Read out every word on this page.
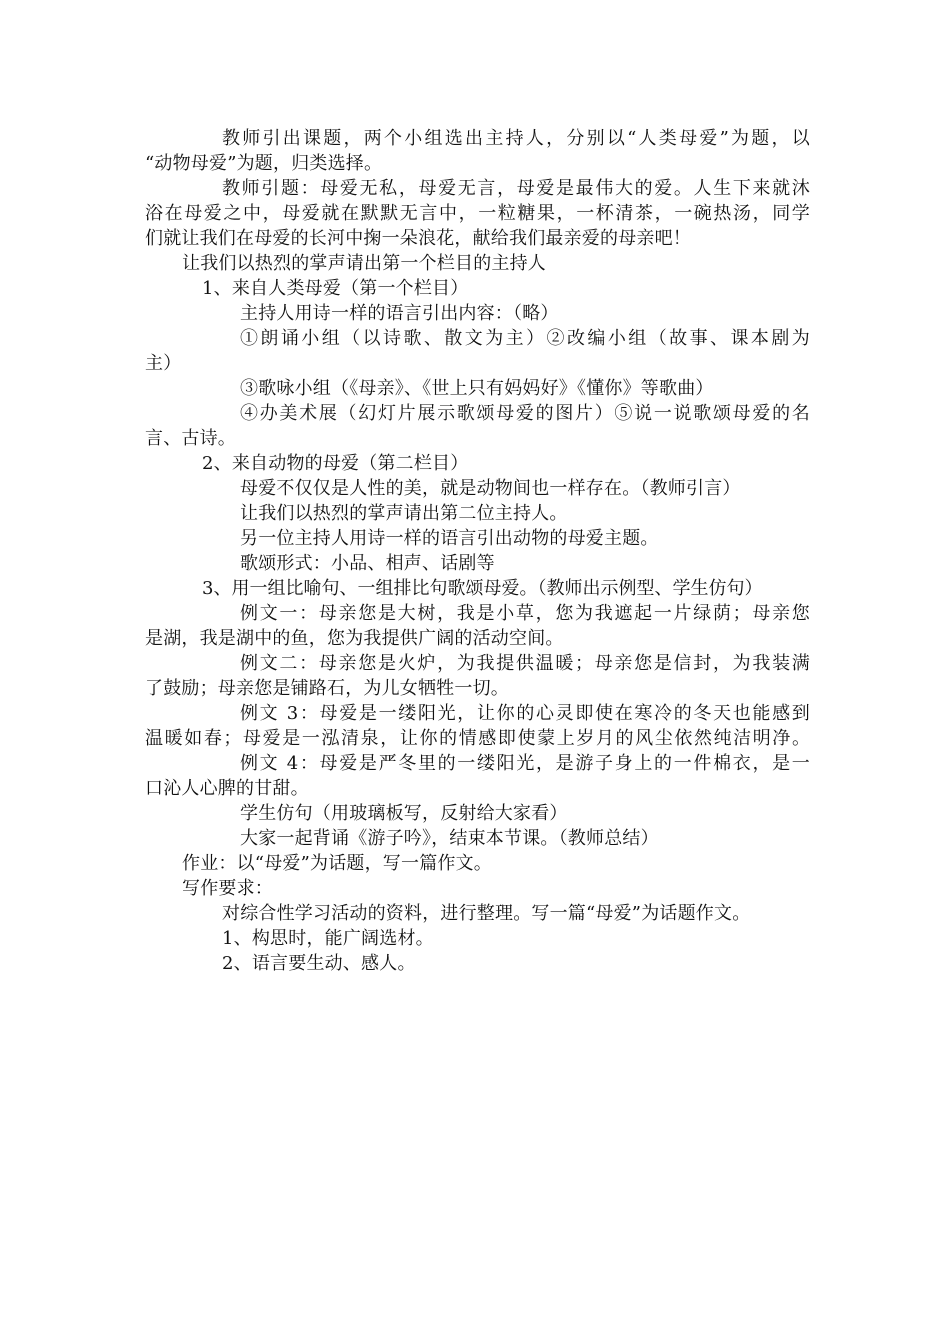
教师引出课题，两个小组选出主持人，分别以“人类母爱”为题，以
“动物母爱”为题，归类选择。
教师引题：母爱无私，母爱无言，母爱是最伟大的爱。人生下来就沐
浴在母爱之中，母爱就在默默无言中，一粒糖果，一杯清茶，一碗热汤，同学
们就让我们在母爱的长河中掬一朵浪花，献给我们最亲爱的母亲吧！
让我们以热烈的掌声请出第一个栏目的主持人
1、来自人类母爱（第一个栏目）
主持人用诗一样的语言引出内容：（略）
①朗诵小组（以诗歌、散文为主）②改编小组（故事、课本剧为
主）
③歌咏小组（《母亲》、《世上只有妈妈好》《懂你》等歌曲）
④办美术展（幻灯片展示歌颂母爱的图片）⑤说一说歌颂母爱的名
言、古诗。
2、来自动物的母爱（第二栏目）
母爱不仅仅是人性的美，就是动物间也一样存在。（教师引言）
让我们以热烈的掌声请出第二位主持人。
另一位主持人用诗一样的语言引出动物的母爱主题。
歌颂形式：小品、相声、话剧等
3、用一组比喻句、一组排比句歌颂母爱。（教师出示例型、学生仿句）
例文一：母亲您是大树，我是小草，您为我遮起一片绿荫；母亲您
是湖，我是湖中的鱼，您为我提供广阔的活动空间。
例文二：母亲您是火炉，为我提供温暖；母亲您是信封，为我装满
了鼓励；母亲您是铺路石，为儿女牺牲一切。
例文 3：母爱是一缕阳光，让你的心灵即使在寒冷的冬天也能感到
温暖如春；母爱是一泓清泉，让你的情感即使蒙上岁月的风尘依然纯洁明净。
例文 4：母爱是严冬里的一缕阳光，是游子身上的一件棉衣，是一
口沁人心脾的甘甜。
学生仿句（用玻璃板写，反射给大家看）
大家一起背诵《游子吟》，结束本节课。（教师总结）
作业：以“母爱”为话题，写一篇作文。
写作要求：
对综合性学习活动的资料，进行整理。写一篇“母爱”为话题作文。
1、构思时，能广阔选材。
2、语言要生动、感人。
